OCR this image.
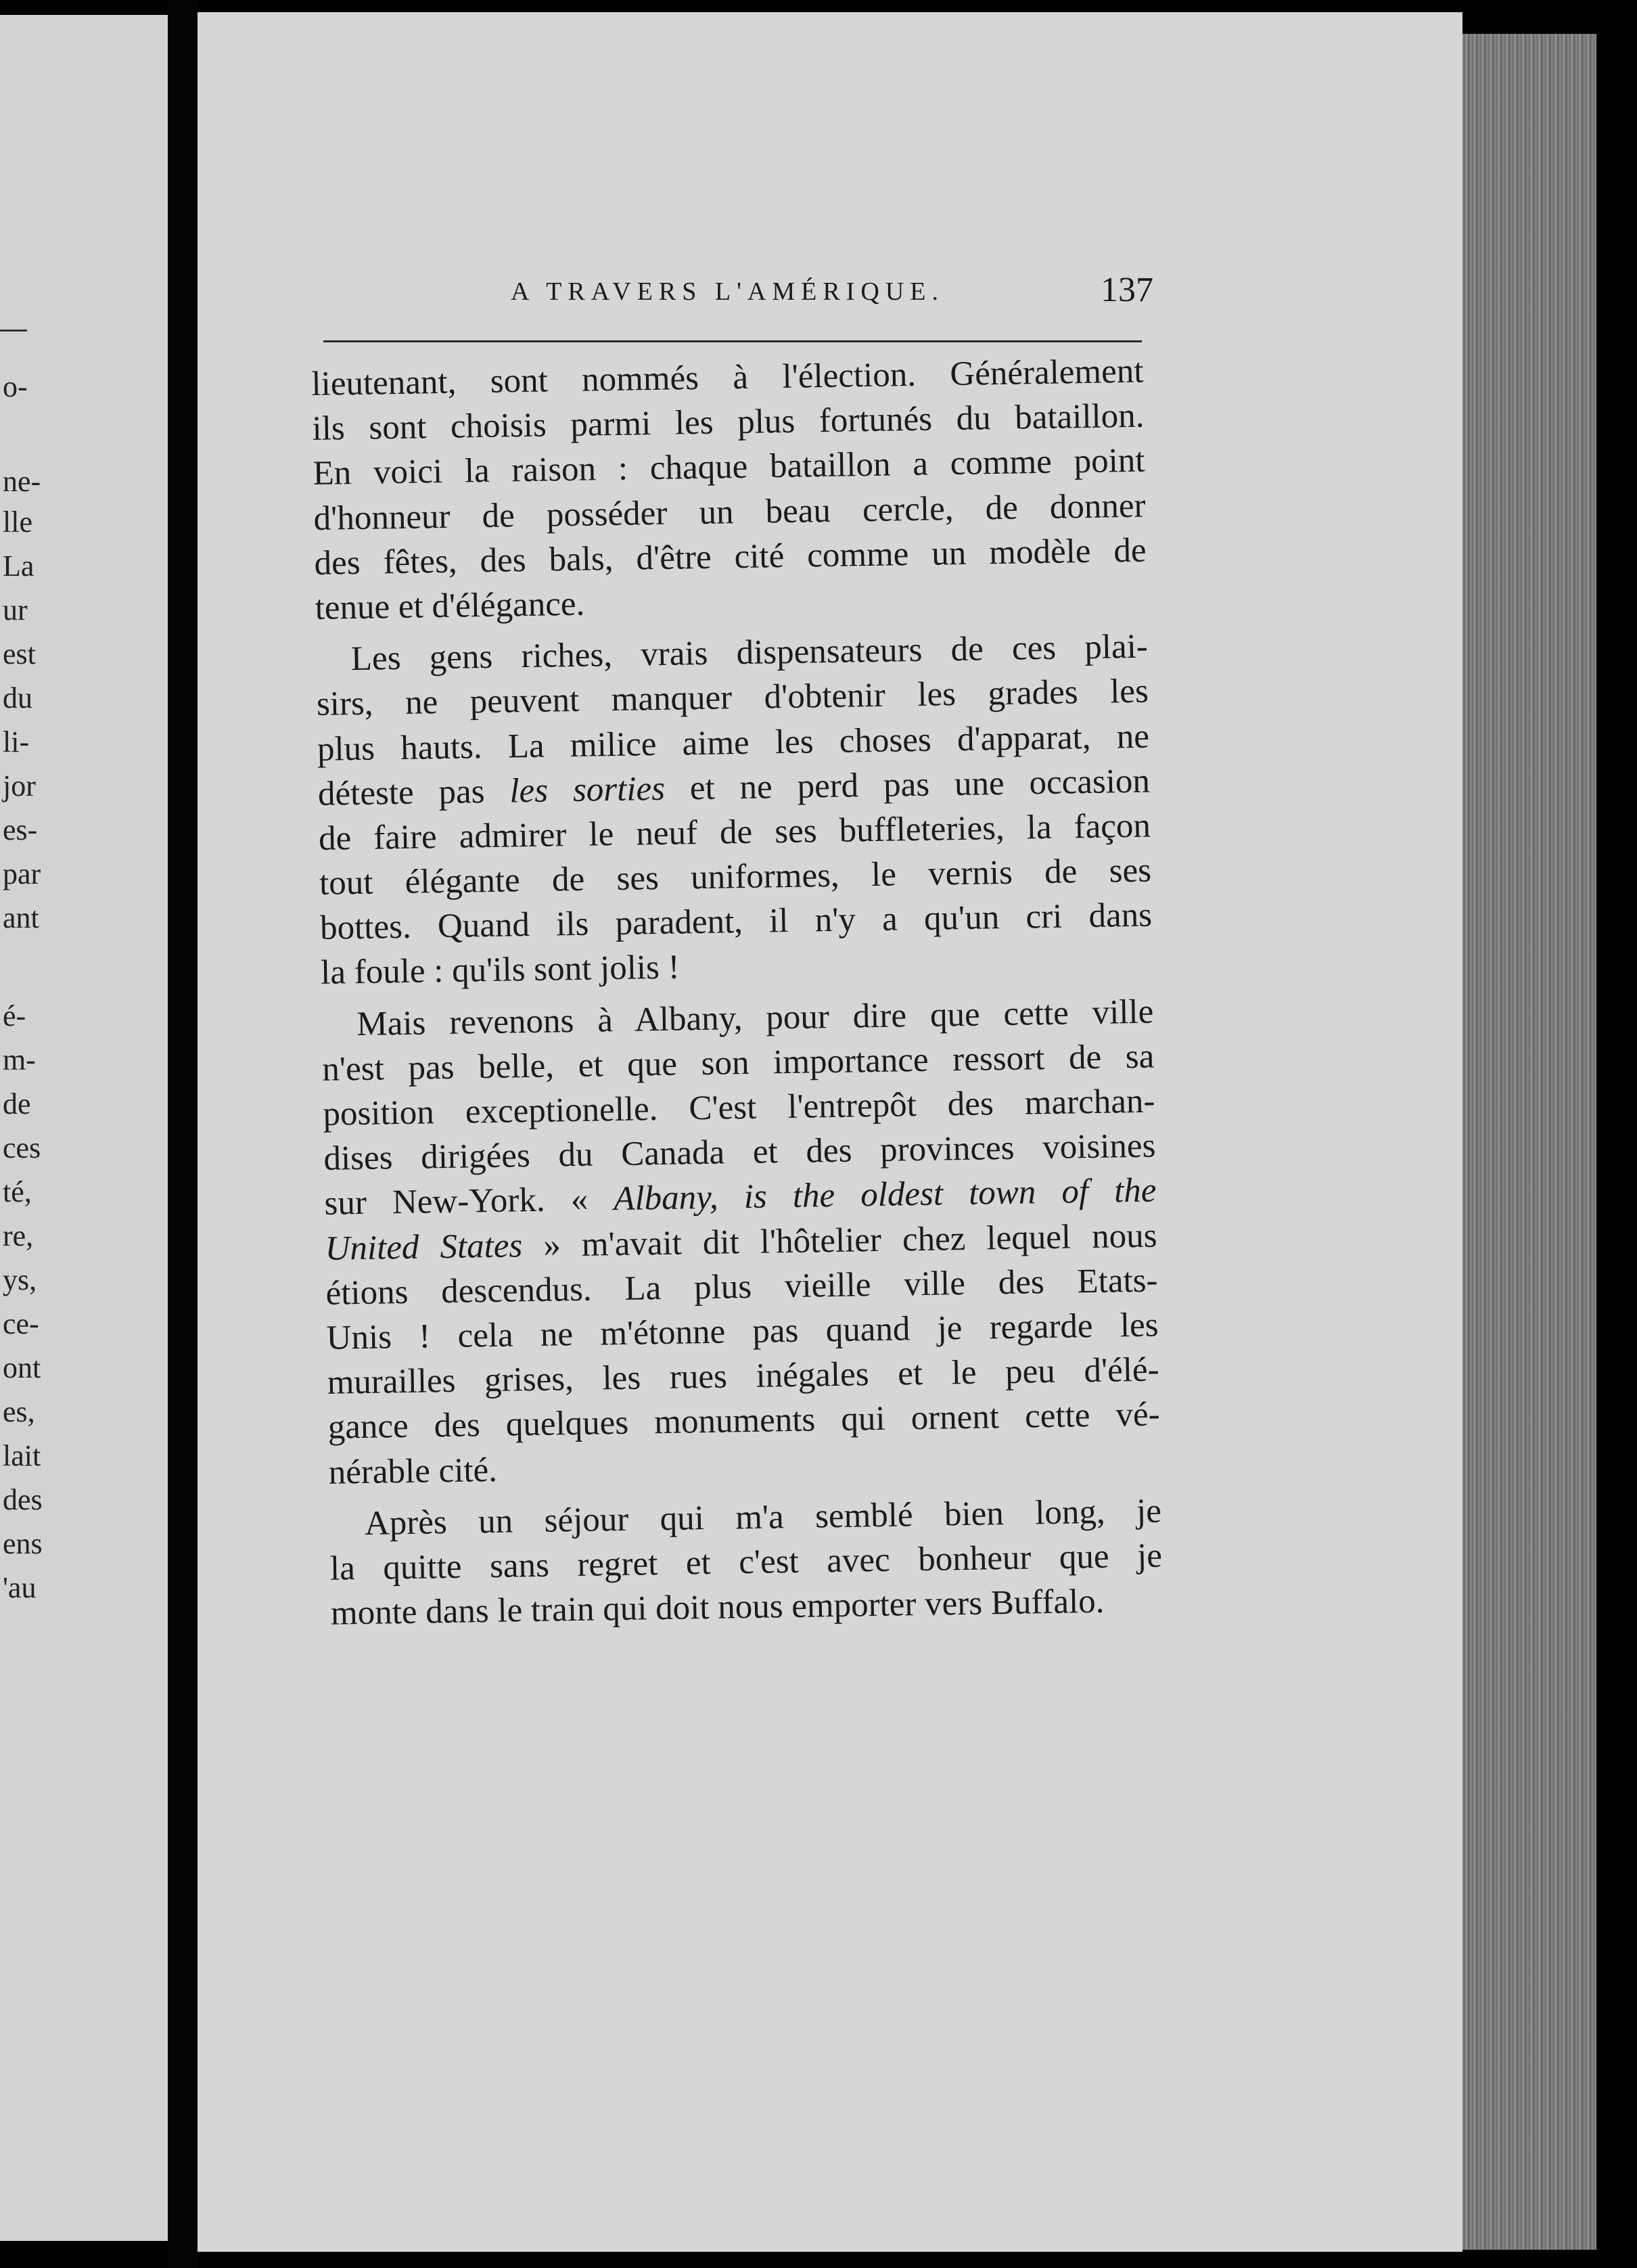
o-
ne-
lle
La
ur
est
du
li-
jor
es-
par
ant
é-
m-
de
ces
té,
re,
ys,
ce-
ont
es,
lait
des
ens
'au
A TRAVERS L'AMÉRIQUE.	137
lieutenant, sont nommés à l'élection. Généralement
ils sont choisis parmi les plus fortunés du bataillon.
En voici la raison : chaque bataillon a comme point
d'honneur de posséder un beau cercle, de donner
des fêtes, des bals, d'être cité comme un modèle de
tenue et d'élégance.
Les gens riches, vrais dispensateurs de ces plai-
sirs, ne peuvent manquer d'obtenir les grades les
plus hauts. La milice aime les choses d'apparat, ne
déteste pas les sorties et ne perd pas une occasion
de faire admirer le neuf de ses buffleteries, la façon
tout élégante de ses uniformes, le vernis de ses
bottes. Quand ils paradent, il n'y a qu'un cri dans
la foule : qu'ils sont jolis !
Mais revenons à Albany, pour dire que cette ville
n'est pas belle, et que son importance ressort de sa
position exceptionelle. C'est l'entrepôt des marchan-
dises dirigées du Canada et des provinces voisines
sur New-York. « Albany, is the oldest town of the
United States » m'avait dit l'hôtelier chez lequel nous
étions descendus. La plus vieille ville des Etats-
Unis ! cela ne m'étonne pas quand je regarde les
murailles grises, les rues inégales et le peu d'élé-
gance des quelques monuments qui ornent cette vé-
nérable cité.
Après un séjour qui m'a semblé bien long, je
la quitte sans regret et c'est avec bonheur que je
monte dans le train qui doit nous emporter vers Buffalo.
